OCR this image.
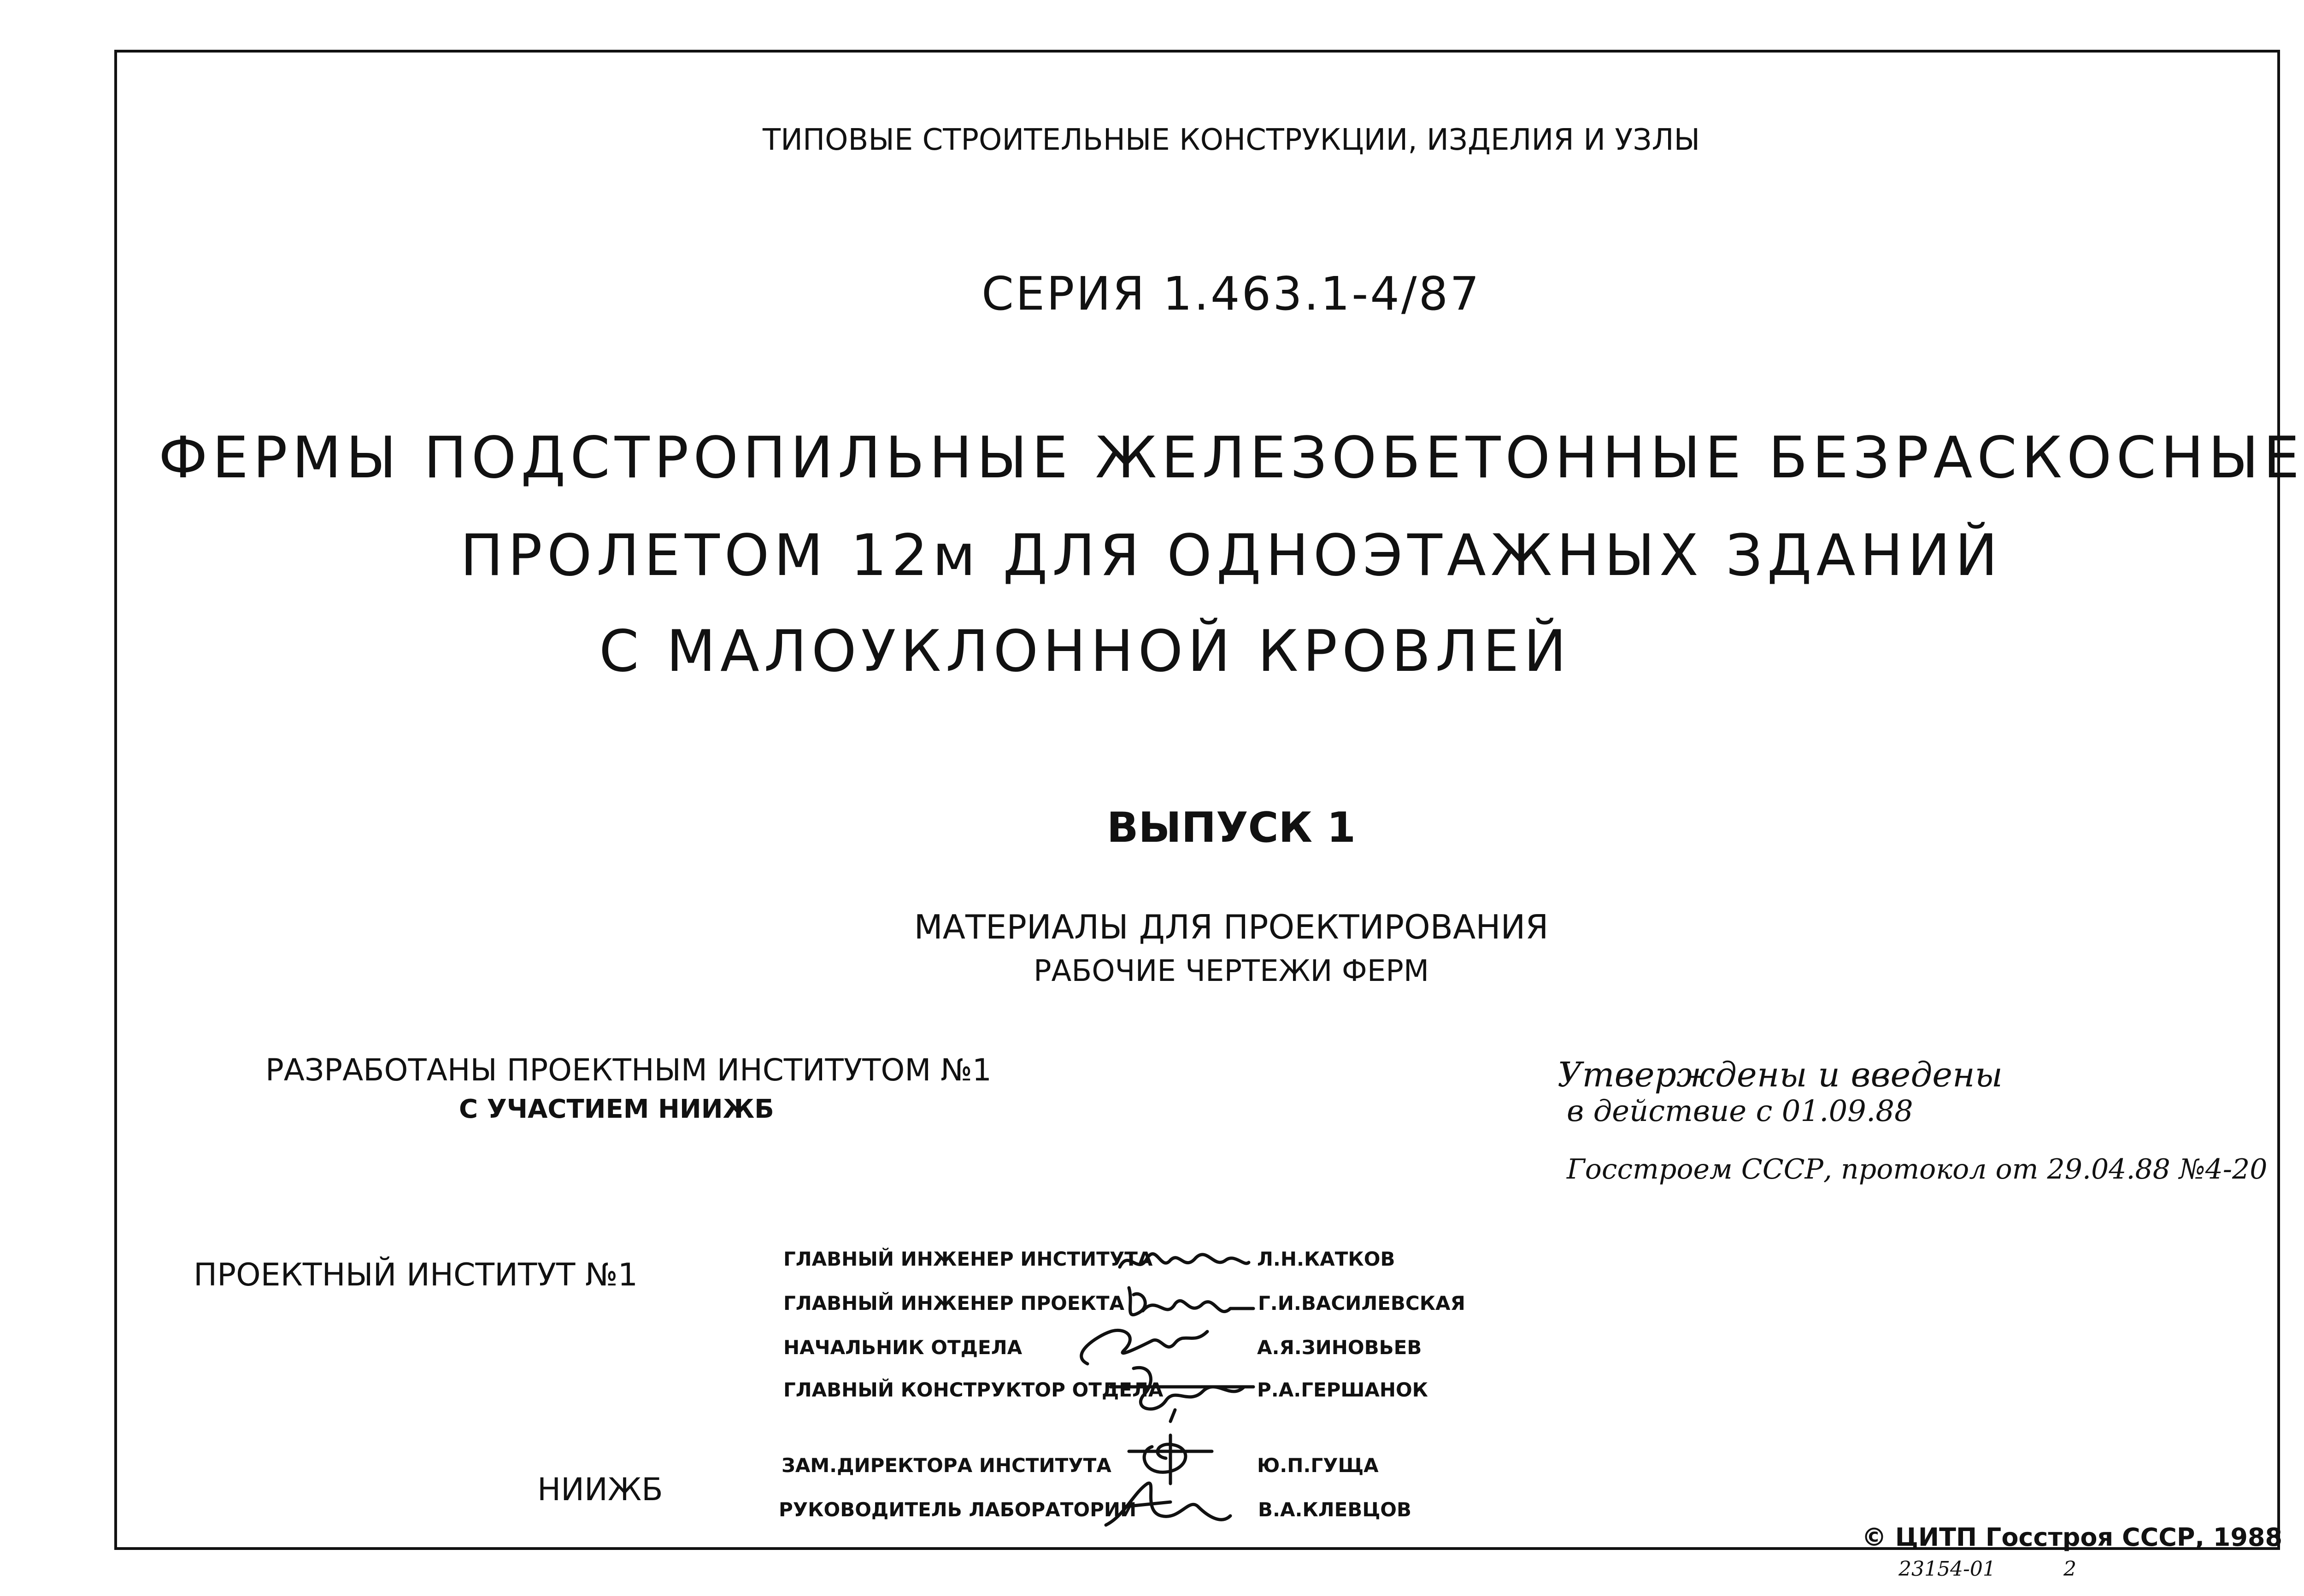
ТИПОВЫЕ СТРОИТЕЛЬНЫЕ КОНСТРУКЦИИ, ИЗДЕЛИЯ И УЗЛЫ
СЕРИЯ 1.463.1-4/87
ФЕРМЫ ПОДСТРОПИЛЬНЫЕ ЖЕЛЕЗОБЕТОННЫЕ БЕЗРАСКОСНЫЕ
ПРОЛЕТОМ 12м ДЛЯ ОДНОЭТАЖНЫХ ЗДАНИЙ
С МАЛОУКЛОННОЙ КРОВЛЕЙ
ВЫПУСК 1
МАТЕРИАЛЫ ДЛЯ ПРОЕКТИРОВАНИЯ
РАБОЧИЕ ЧЕРТЕЖИ ФЕРМ
РАЗРАБОТАНЫ ПРОЕКТНЫМ ИНСТИТУТОМ №1
С УЧАСТИЕМ НИИЖБ
Утверждены и введены
в действие с 01.09.88
Госстроем СССР, протокол от 29.04.88 №4-20
ПРОЕКТНЫЙ ИНСТИТУТ №1	ГЛАВНЫЙ ИНЖЕНЕР ИНСТИТУТА	Л.Н.КАТКОВ
ГЛАВНЫЙ ИНЖЕНЕР ПРОЕКТА	Г.И.ВАСИЛЕВСКАЯ
НАЧАЛЬНИК ОТДЕЛА	А.Я.ЗИНОВЬЕВ
ГЛАВНЫЙ КОНСТРУКТОР ОТДЕЛА	Р.А.ГЕРШАНОК
НИИЖБ
ЗАМ.ДИРЕКТОРА ИНСТИТУТА	Ю.П.ГУЩА
РУКОВОДИТЕЛЬ ЛАБОРАТОРИИ	В.А.КЛЕВЦОВ
© ЦИТП Госстроя СССР, 1988
23154-01	2
